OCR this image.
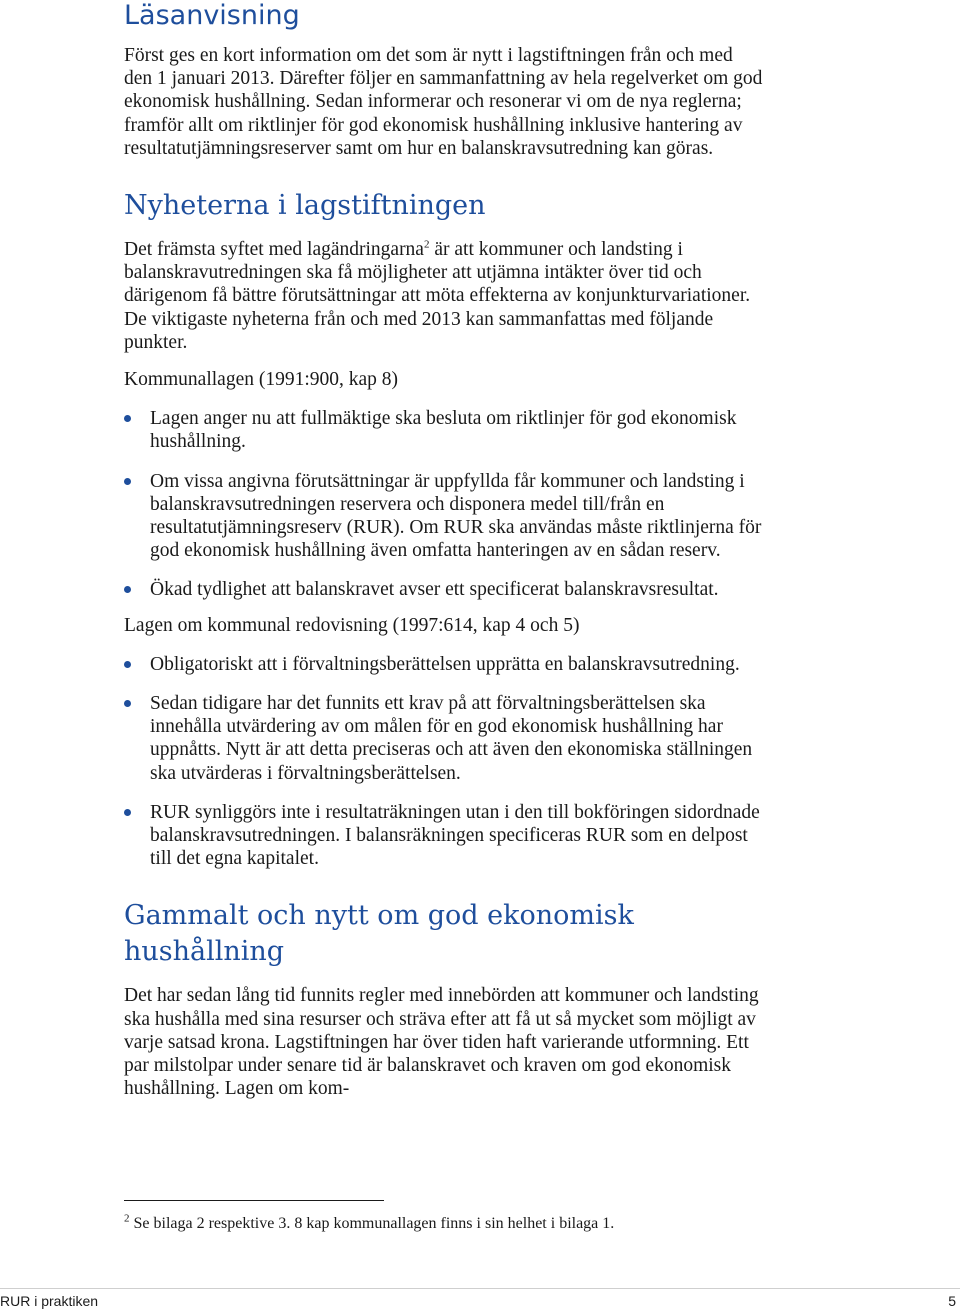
Läsanvisning

Först ges en kort information om det som är nytt i lagstiftningen från och med den 1 januari 2013. Därefter följer en sammanfattning av hela regelverket om god ekonomisk hushållning. Sedan informerar och resonerar vi om de nya reglerna; framför allt om riktlinjer för god ekonomisk hushållning inklusive hantering av resultatutjämningsreserver samt om hur en balanskravsutredning kan göras.

Nyheterna i lagstiftningen

Det främsta syftet med lagändringarna$^2$ är att kommuner och landsting i balanskravutredningen ska få möjligheter att utjämna intäkter över tid och därigenom få bättre förutsättningar att möta effekterna av konjunkturvariationer. De viktigaste nyheterna från och med 2013 kan sammanfattas med följande punkter.

Kommunallagen (1991:900, kap 8)

Lagen anger nu att fullmäktige ska besluta om riktlinjer för god ekonomisk hushållning.
Om vissa angivna förutsättningar är uppfyllda får kommuner och landsting i balanskravsutredningen reservera och disponera medel till/från en resultatutjämningsreserv (RUR). Om RUR ska användas måste riktlinjerna för god ekonomisk hushållning även omfatta hanteringen av en sådan reserv.
Ökad tydlighet att balanskravet avser ett specificerat balanskravsresultat.

Lagen om kommunal redovisning (1997:614, kap 4 och 5)

Obligatoriskt att i förvaltningsberättelsen upprätta en balanskravsutredning.
Sedan tidigare har det funnits ett krav på att förvaltningsberättelsen ska innehålla utvärdering av om målen för en god ekonomisk hushållning har uppnåtts. Nytt är att detta preciseras och att även den ekonomiska ställningen ska utvärderas i förvaltningsberättelsen.
RUR synliggörs inte i resultaträkningen utan i den till bokföringen sidordnade balanskravsutredningen. I balansräkningen specificeras RUR som en delpost till det egna kapitalet.
Gammalt och nytt om god ekonomisk hushållning

Det har sedan lång tid funnits regler med innebörden att kommuner och landsting ska hushålla med sina resurser och sträva efter att få ut så mycket som möjligt av varje satsad krona. Lagstiftningen har över tiden haft varierande utformning. Ett par milstolpar under senare tid är balanskravet och kraven om god ekonomisk hushållning. Lagen om kom-

$^2$ Se bilaga 2 respektive 3. 8 kap kommunallagen finns i sin helhet i bilaga 1.

RUR i praktiken	5
